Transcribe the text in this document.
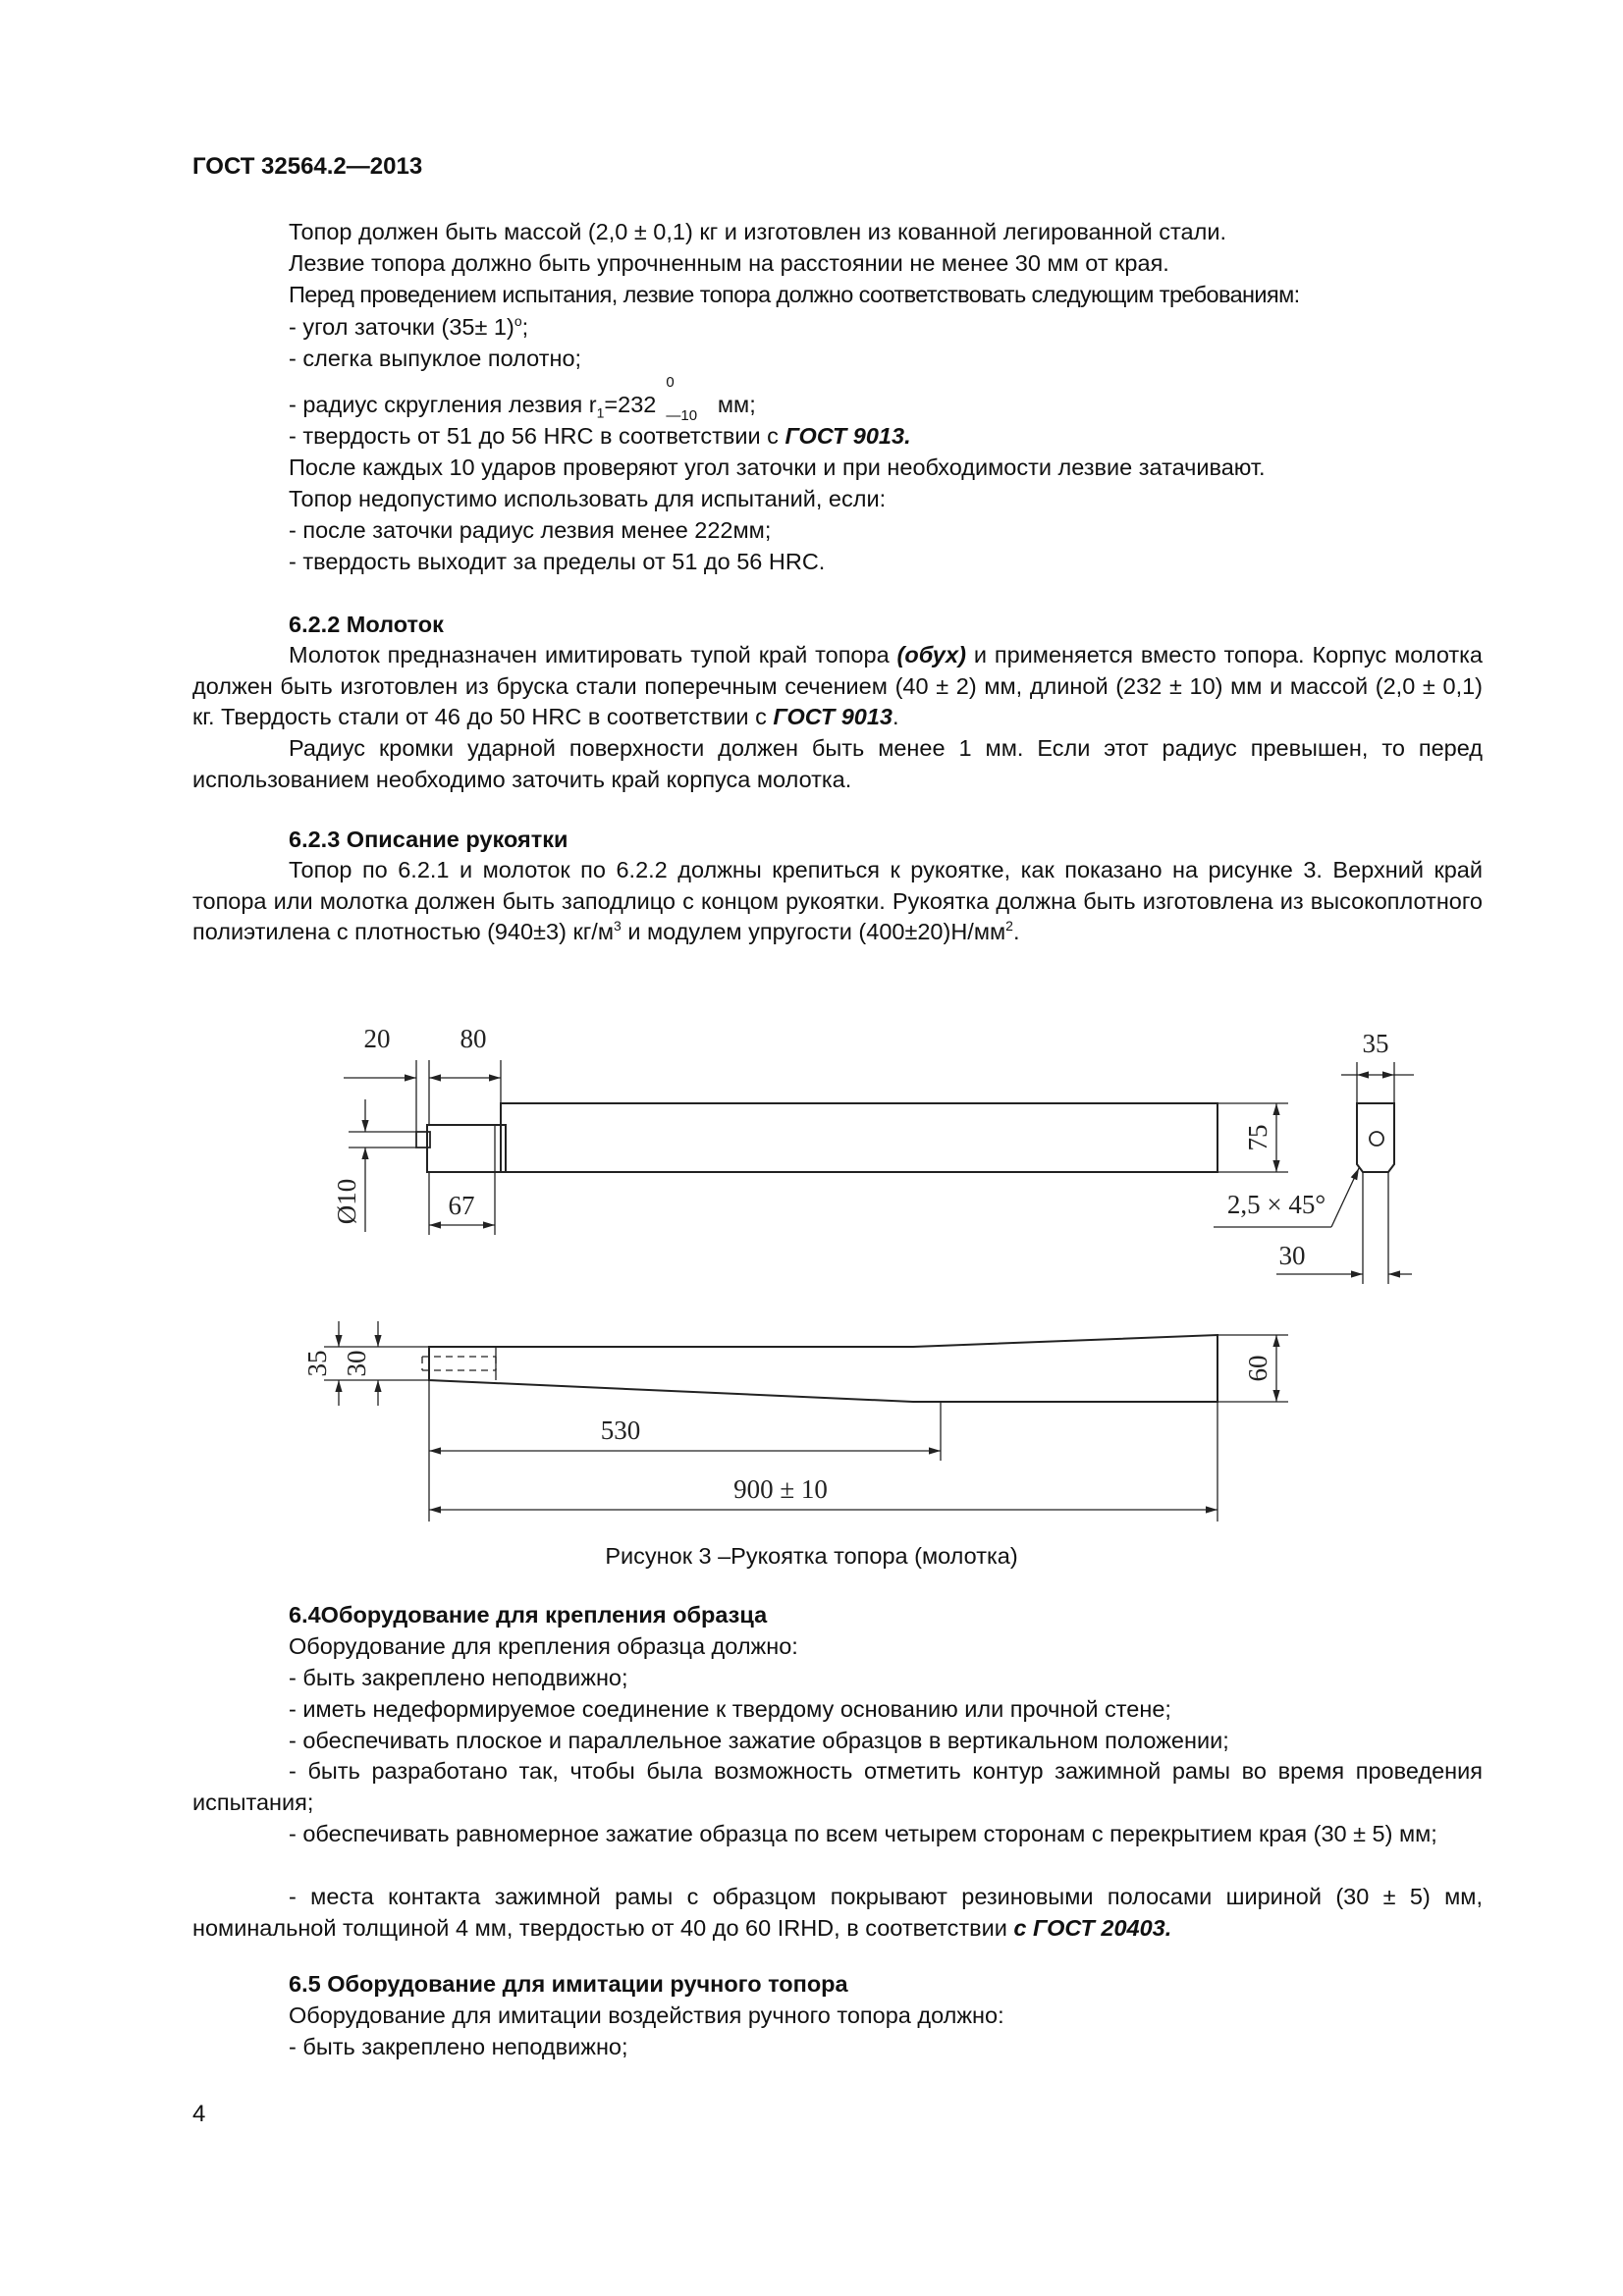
ГОСТ 32564.2—2013
Топор должен быть массой (2,0 ± 0,1) кг и изготовлен из кованной легированной стали.
Лезвие топора должно быть упрочненным на расстоянии не менее 30 мм от края.
Перед проведением испытания, лезвие топора должно соответствовать следующим требованиям:
- угол заточки $(35\pm 1)^o$;
- слегка выпуклое полотно;
- радиус скругления лезвия $r_1=232$
0
—10 мм;
- твердость от 51 до 56 HRC в соответствии с ГОСТ 9013.
После каждых 10 ударов проверяют угол заточки и при необходимости лезвие затачивают.
Топор недопустимо использовать для испытаний, если:
- после заточки радиус лезвия менее 222мм;
- твердость выходит за пределы от 51 до 56 HRC.
6.2.2 Молоток
Молоток предназначен имитировать тупой край топора (обух) и применяется вместо топора. Корпус молотка должен быть изготовлен из бруска стали поперечным сечением (40 ± 2) мм, длиной (232 ± 10) мм и массой (2,0 ± 0,1) кг. Твердость стали от 46 до 50 HRC в соответствии с ГОСТ 9013.
Радиус кромки ударной поверхности должен быть менее 1 мм. Если этот радиус превышен, то перед использованием необходимо заточить край корпуса молотка.
6.2.3 Описание рукоятки
Топор по 6.2.1 и молоток по 6.2.2 должны крепиться к рукоятке, как показано на рисунке 3. Верхний край топора или молотка должен быть заподлицо с концом рукоятки. Рукоятка должна быть изготовлена из высокоплотного полиэтилена с плотностью (940±3) $кг/м^3$ и модулем упругости $(400\pm 20)Н/мм^2$.
20	80	35
75
Ø10	67	2,5 × 45°
30
35 30	60
530
900 ± 10
Рисунок 3 –Рукоятка топора (молотка)
6.4Оборудование для крепления образца
Оборудование для крепления образца должно:
- быть закреплено неподвижно;
- иметь недеформируемое соединение к твердому основанию или прочной стене;
- обеспечивать плоское и параллельное зажатие образцов в вертикальном положении;
- быть разработано так, чтобы была возможность отметить контур зажимной рамы во время проведения испытания;
- обеспечивать равномерное зажатие образца по всем четырем сторонам с перекрытием края (30 ± 5) мм;
- места контакта зажимной рамы с образцом покрывают резиновыми полосами шириной (30 ± 5) мм, номинальной толщиной 4 мм, твердостью от 40 до 60 IRHD, в соответствии с ГОСТ 20403.
6.5 Оборудование для имитации ручного топора
Оборудование для имитации воздействия ручного топора должно:
- быть закреплено неподвижно;
4
